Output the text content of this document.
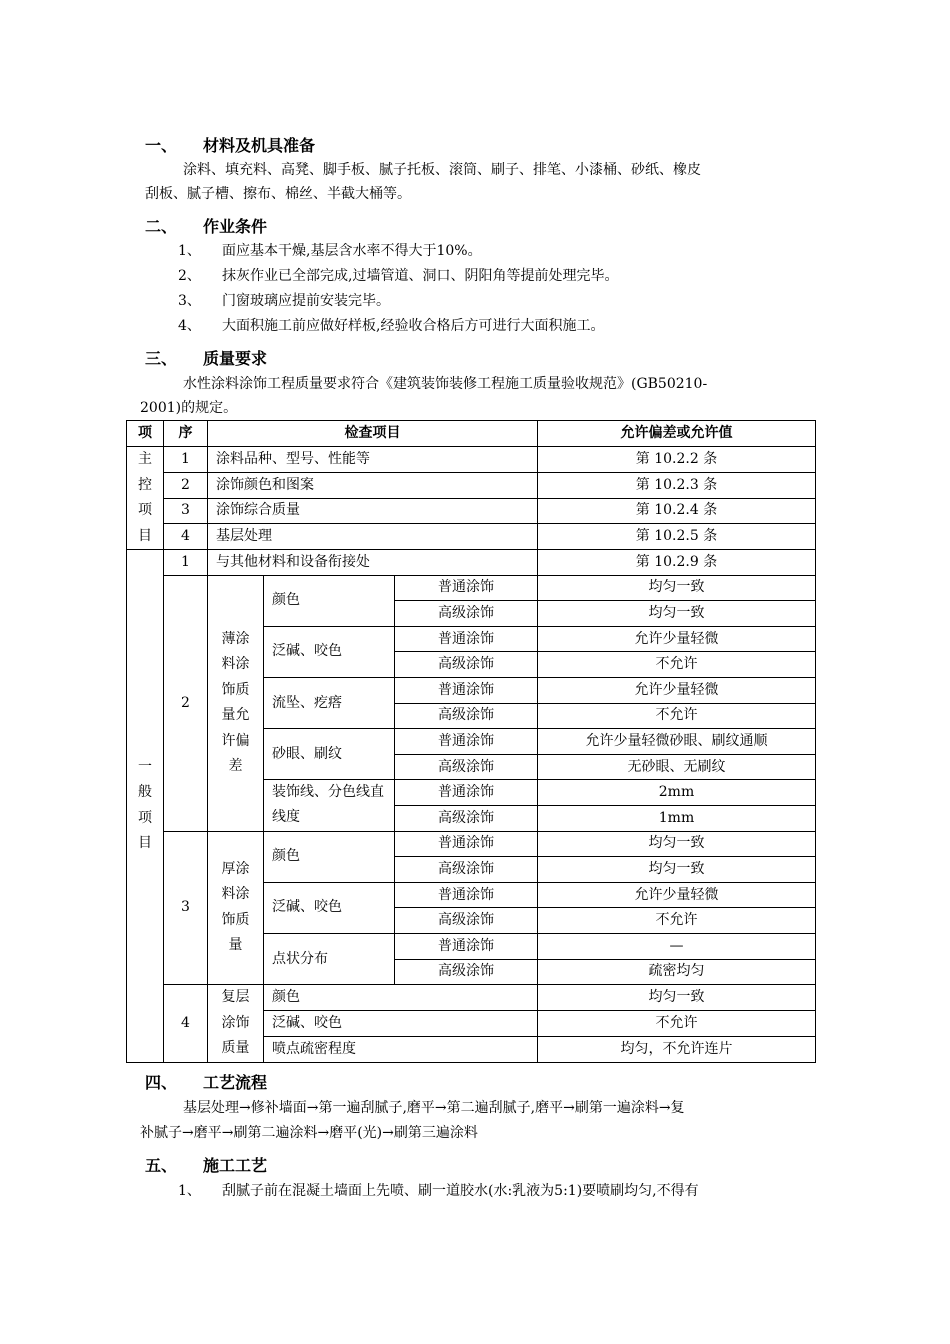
一、 材料及机具准备
涂料、填充料、高凳、脚手板、腻子托板、滚筒、刷子、排笔、小漆桶、砂纸、橡皮
刮板、腻子槽、擦布、棉丝、半截大桶等。
二、 作业条件
1、 面应基本干燥,基层含水率不得大于10%。
2、 抹灰作业已全部完成,过墙管道、洞口、阴阳角等提前处理完毕。
3、 门窗玻璃应提前安装完毕。
4、 大面积施工前应做好样板,经验收合格后方可进行大面积施工。
三、 质量要求
水性涂料涂饰工程质量要求符合《建筑装饰装修工程施工质量验收规范》(GB50210-
2001)的规定。
项	序	检查项目			允许偏差或允许值

主控项目	1	涂料品种、型号、性能等			第 10.2.2 条
	2	涂饰颜色和图案			第 10.2.3 条
	3	涂饰综合质量			第 10.2.4 条
	4	基层处理			第 10.2.5 条

一般项目	1	与其他材料和设备衔接处			第 10.2.9 条
	2	薄涂料涂饰质量允许偏差	颜色	普通涂饰	均匀一致
				高级涂饰	均匀一致
			泛碱、咬色	普通涂饰	允许少量轻微
				高级涂饰	不允许
			流坠、疙瘩	普通涂饰	允许少量轻微
				高级涂饰	不允许
			砂眼、刷纹	普通涂饰	允许少量轻微砂眼、刷纹通顺
				高级涂饰	无砂眼、无刷纹

			装饰线、分色线直线度	普通涂饰	2mm
				高级涂饰	1mm
	3	厚涂料涂饰质量	颜色	普通涂饰	均匀一致
				高级涂饰	均匀一致
			泛碱、咬色	普通涂饰	允许少量轻微
				高级涂饰	不允许
			点状分布	普通涂饰	—
				高级涂饰	疏密均匀
	4	复层涂饰质量	颜色		均匀一致
			泛碱、咬色		不允许
			喷点疏密程度		均匀，不允许连片
四、 工艺流程
基层处理→修补墙面→第一遍刮腻子,磨平→第二遍刮腻子,磨平→刷第一遍涂料→复
补腻子→磨平→刷第二遍涂料→磨平(光)→刷第三遍涂料
五、 施工工艺
1、 刮腻子前在混凝土墙面上先喷、刷一道胶水(水:乳液为5:1)要喷刷均匀,不得有
